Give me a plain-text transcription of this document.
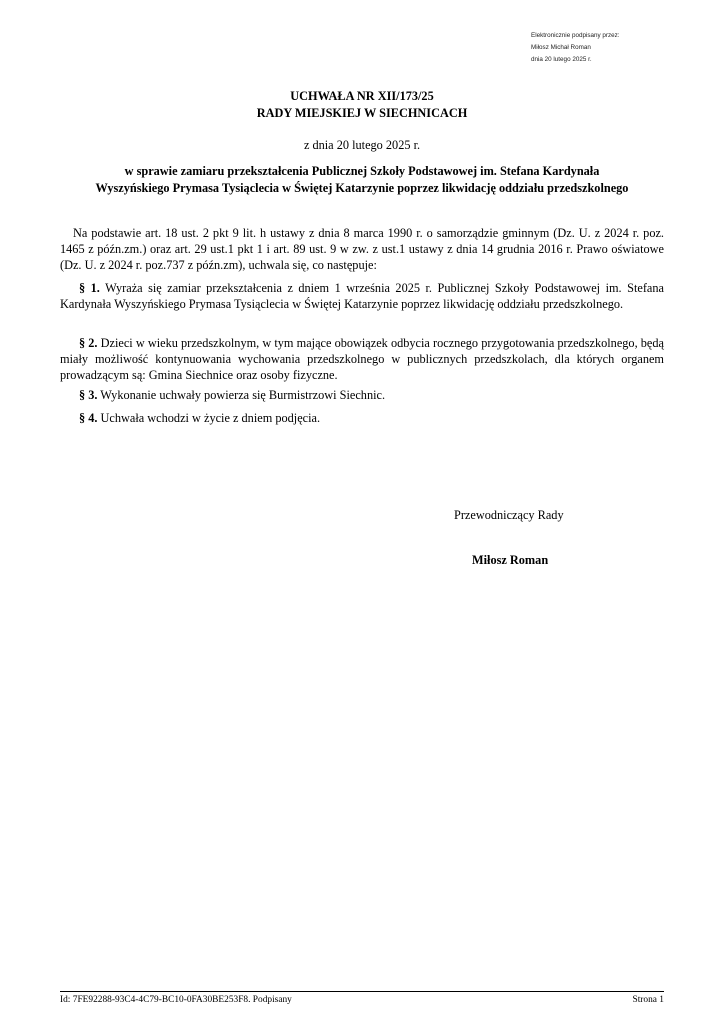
Elektronicznie podpisany przez:
Miłosz Michał Roman
dnia 20 lutego 2025 r.
UCHWAŁA NR XII/173/25
RADY MIEJSKIEJ W SIECHNICACH
z dnia 20 lutego 2025 r.
w sprawie zamiaru przekształcenia Publicznej Szkoły Podstawowej im. Stefana Kardynała
Wyszyńskiego Prymasa Tysiąclecia w Świętej Katarzynie poprzez likwidację oddziału przedszkolnego

Na podstawie art. 18 ust. 2 pkt 9 lit. h ustawy z dnia 8 marca 1990 r. o samorządzie gminnym (Dz. U. z 2024 r. poz. 1465 z późn.zm.) oraz art. 29 ust.1 pkt 1 i art. 89 ust. 9 w zw. z ust.1 ustawy z dnia 14 grudnia 2016 r. Prawo oświatowe (Dz. U. z 2024 r. poz.737 z późn.zm), uchwala się, co następuje:

§ 1. Wyraża się zamiar przekształcenia z dniem 1 września 2025 r. Publicznej Szkoły Podstawowej im. Stefana Kardynała Wyszyńskiego Prymasa Tysiąclecia w Świętej Katarzynie poprzez likwidację oddziału przedszkolnego.

§ 2. Dzieci w wieku przedszkolnym, w tym mające obowiązek odbycia rocznego przygotowania przedszkolnego, będą miały możliwość kontynuowania wychowania przedszkolnego w publicznych przedszkolach, dla których organem prowadzącym są: Gmina Siechnice oraz osoby fizyczne.

§ 3. Wykonanie uchwały powierza się Burmistrzowi Siechnic.

§ 4. Uchwała wchodzi w życie z dniem podjęcia.

Przewodniczący Rady
Miłosz Roman
Id: 7FE92288-93C4-4C79-BC10-0FA30BE253F8. Podpisany	Strona 1
